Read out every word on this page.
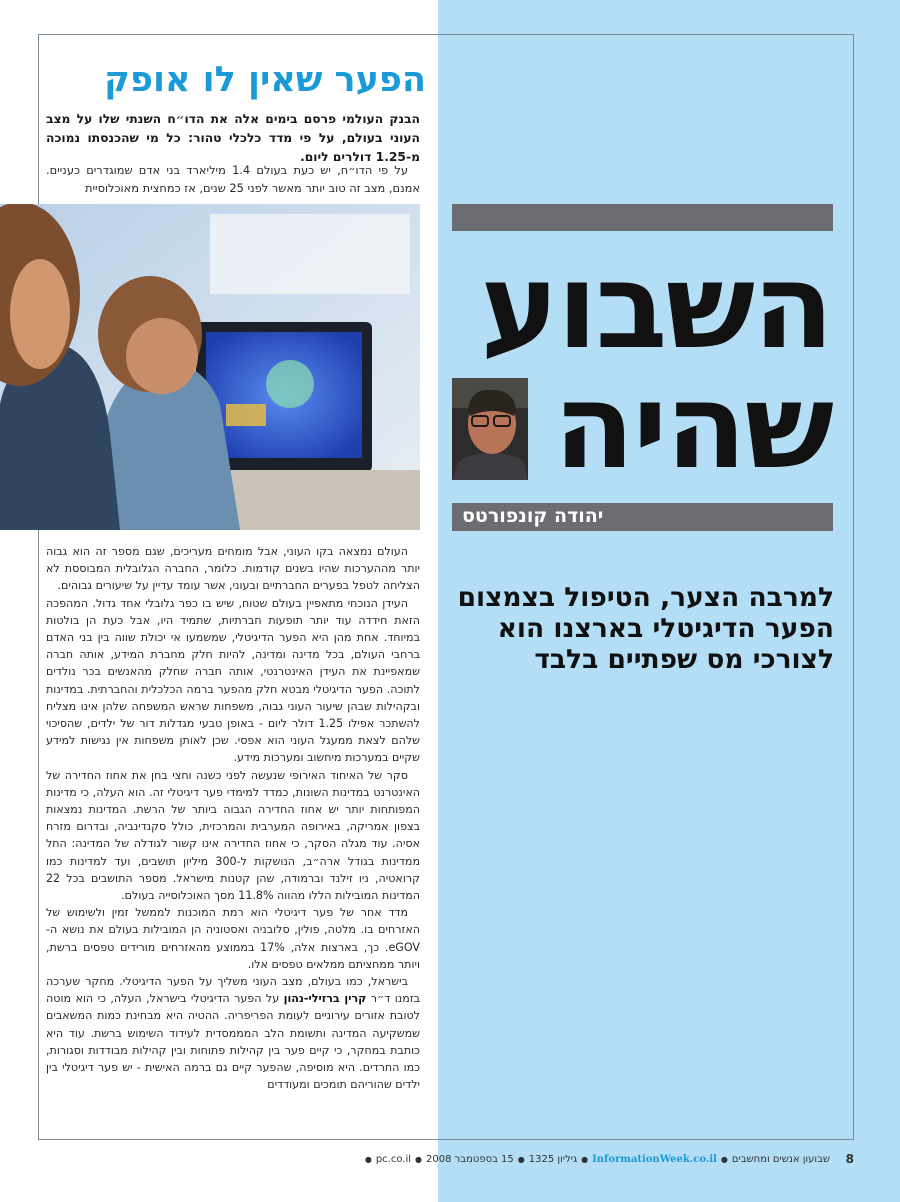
הפער שאין לו אופק

הבנק העולמי פרסם בימים אלה את הדו״ח השנתי שלו על מצב העוני בעולם, על פי מדד כלכלי טהור: כל מי שהכנסתו נמוכה מ-1.25 דולרים ליום.

על פי הדו״ח, יש כעת בעולם 1.4 מיליארד בני אדם שמוגדרים כעניים. אמנם, מצב זה טוב יותר מאשר לפני 25 שנים, אז כמחצית מאוכלוסיית

העולם נמצאה בקו העוני, אבל מומחים מעריכים, שגם מספר זה הוא גבוה יותר מההערכות שהיו בשנים קודמות. כלומר, החברה הגלובלית המבוססת לא הצליחה לטפל בפערים החברתיים ובעוני, אשר עומד עדיין על שיעורים גבוהים.

העידן הנוכחי מתאפיין בעולם שטוח, שיש בו כפר גלובלי אחד גדול. המהפכה הזאת חידדה עוד יותר תופעות חברתיות, שתמיד היו, אבל כעת הן בולטות במיוחד. אחת מהן היא הפער הדיגיטלי, שמשמעו אי יכולת שווה בין בני האדם ברחבי העולם, בכל מדינה ומדינה, להיות חלק מחברת המידע, אותה חברה שמאפיינת את העידן האינטרנטי, אותה חברה שחלק מהאנשים בכר נולדים לתוכה. הפער הדיגיטלי מבטא חלק מהפער ברמה הכלכלית והחברתית. במדינות ובקהילות שבהן שיעור העוני גבוה, משפחות שראש המשפחה שלהן אינו מצליח להשתכר אפילו 1.25 דולר ליום - באופן טבעי מגדלות דור של ילדים, שהסיכוי שלהם לצאת ממעגל העוני הוא אפסי. שכן לאותן משפחות אין נגישות למידע שקיים במערכות מיחשוב ומערכות מידע.

סקר של האיחוד האירופי שנעשה לפני כשנה וחצי בחן את אחוז החדירה של האינטרנט במדינות השונות, כמדד למימדי פער דיגיטלי זה. הוא העלה, כי מדינות המפותחות יותר יש אחוז החדירה הגבוה ביותר של הרשת. המדינות נמצאות בצפון אמריקה, באירופה המערבית והמרכזית, כולל סקנדינביה, ובדרום מזרח אסיה. עוד מגלה הסקר, כי אחוז החדירה אינו קשור לגודלה של המדינה: החל ממדינות בגודל ארה״ב, הנושקות ל-300 מיליון תושבים, ועד למדינות כמו קרואטיה, ניו זילנד וברמודה, שהן קטנות מישראל. מספר התושבים בכל 22 המדינות המובילות הללו מהווה 11.8% מסך האוכלוסייה בעולם.

מדד אחר של פער דיגיטלי הוא רמת המוכנות לממשל זמין ולשימוש של האזרחים בו. מלטה, פולין, סלובניה ואסטוניה הן המובילות בעולם את נושא ה-eGOV. כך, בארצות אלה, 17% בממוצע מהאזרחים מורידים טפסים ברשת, ויותר ממחציתם ממלאים טפסים אלו.

בישראל, כמו בעולם, מצב העוני משליך על הפער הדיגיטלי. מחקר שערכה בזמנו ד״ר קרין ברזילי-נהון על הפער הדיגיטלי בישראל, העלה, כי הוא מוטה לטובת אזורים עירוניים לעומת הפריפריה. ההטיה היא מבחינת כמות המשאבים שמשקיעה המדינה ותשומת הלב המממסדית לעידוד השימוש ברשת. עוד היא כותבת במחקר, כי קיים פער בין קהילות פתוחות ובין קהילות מבודדות וסגורות, כמו החרדים. היא מוסיפה, שהפער קיים גם ברמה האישית - יש פער דיגיטלי בין ילדים שהוריהם תומכים ומעודדים

השבוע
שהיה
יהודה קונפורטס

למרבה הצער, הטיפול בצמצום הפער הדיגיטלי בארצנו הוא לצורכי מס שפתיים בלבד

8
שבועון אנשים ומחשבים●InformationWeek.co.il●גיליון 1325●15 בספטמבר 2008●pc.co.il●
